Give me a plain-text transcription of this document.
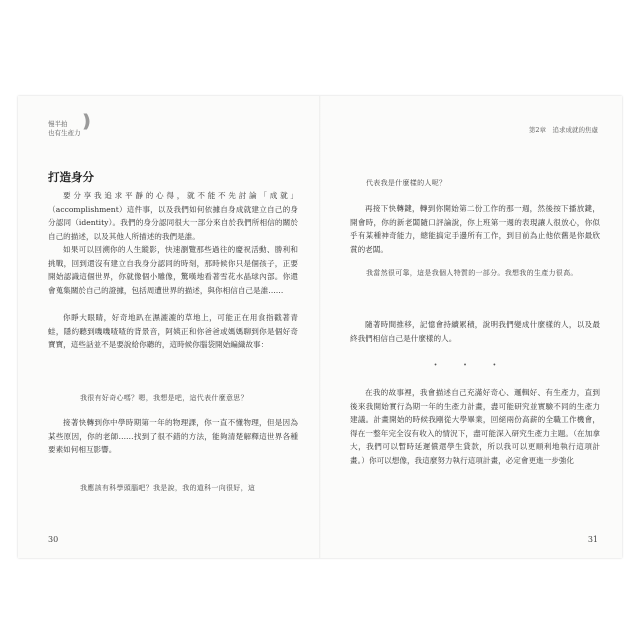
慢半拍
也有生產力
)))
打造身分

要分享我追求平靜的心得，就不能不先討論「成就」（accomplishment）這件事，以及我們如何依據自身成就建立自己的身分認同（identity）。我們的身分認同很大一部分來自於我們所相信的關於自己的描述，以及其他人所描述的我們是誰。

如果可以回溯你的人生縱影，快速瀏覽那些過往的慶祝活動、勝利和挑戰，回到還沒有建立自我身分認同的時刻，那時候你只是個孩子，正要開始認識這個世界，你就像個小雕像，驚嘆地看著雪花水晶球內部。你還會蒐集關於自己的證據，包括周遭世界的描述，與你相信自己是誰……

你睜大眼睛，好奇地趴在濕漉漉的草地上，可能正在用食指戳著青蛙，隱約聽到嘰嘰喳喳的背景音，阿姨正和你爸爸或媽媽聊到你是個好奇寶寶，這些話並不是要說給你聽的，這時候你腦袋開始編織故事：

我很有好奇心嗎？嗯，我想是吧，這代表什麼意思？

接著快轉到你中學時期第一年的物理課，你一直不懂物理，但是因為某些原因，你的老師……找到了很不錯的方法，能夠清楚解釋這世界各種要素如何相互影響。

我應該有科學頭腦吧？我是說，我的道科一向很好，這

30
第2章　追求成就的焦慮

代表我是什麼樣的人呢？

再接下快轉鍵，轉到你開始第二份工作的那一週，然後按下播放鍵，開會時，你的新老闆隨口評論說，你上班第一週的表現讓人很放心，你似乎有某種神奇能力，總能搞定手邊所有工作，到目前為止他依舊是你最欣賞的老闆。

我當然很可靠，這是我個人特質的一部分。我想我的生產力很高。

隨著時間推移，記憶會持續累積，說明我們變成什麼樣的人，以及最終我們相信自己是什麼樣的人。

• • •

在我的故事裡，我會描述自己充滿好奇心、邏輯好、有生產力，直到後來我開始實行為期一年的生產力計畫，盡可能研究並實驗不同的生產力建議。計畫開始的時候我剛從大學畢業，回絕兩份高薪的全職工作機會，得在一整年完全沒有收入的情況下，盡可能深入研究生產力主題。（在加拿大，我們可以暫時延遲償還學生貸款，所以我可以更順利地執行這項計畫。）你可以想像，我這麼努力執行這項計畫，必定會更進一步強化

31
